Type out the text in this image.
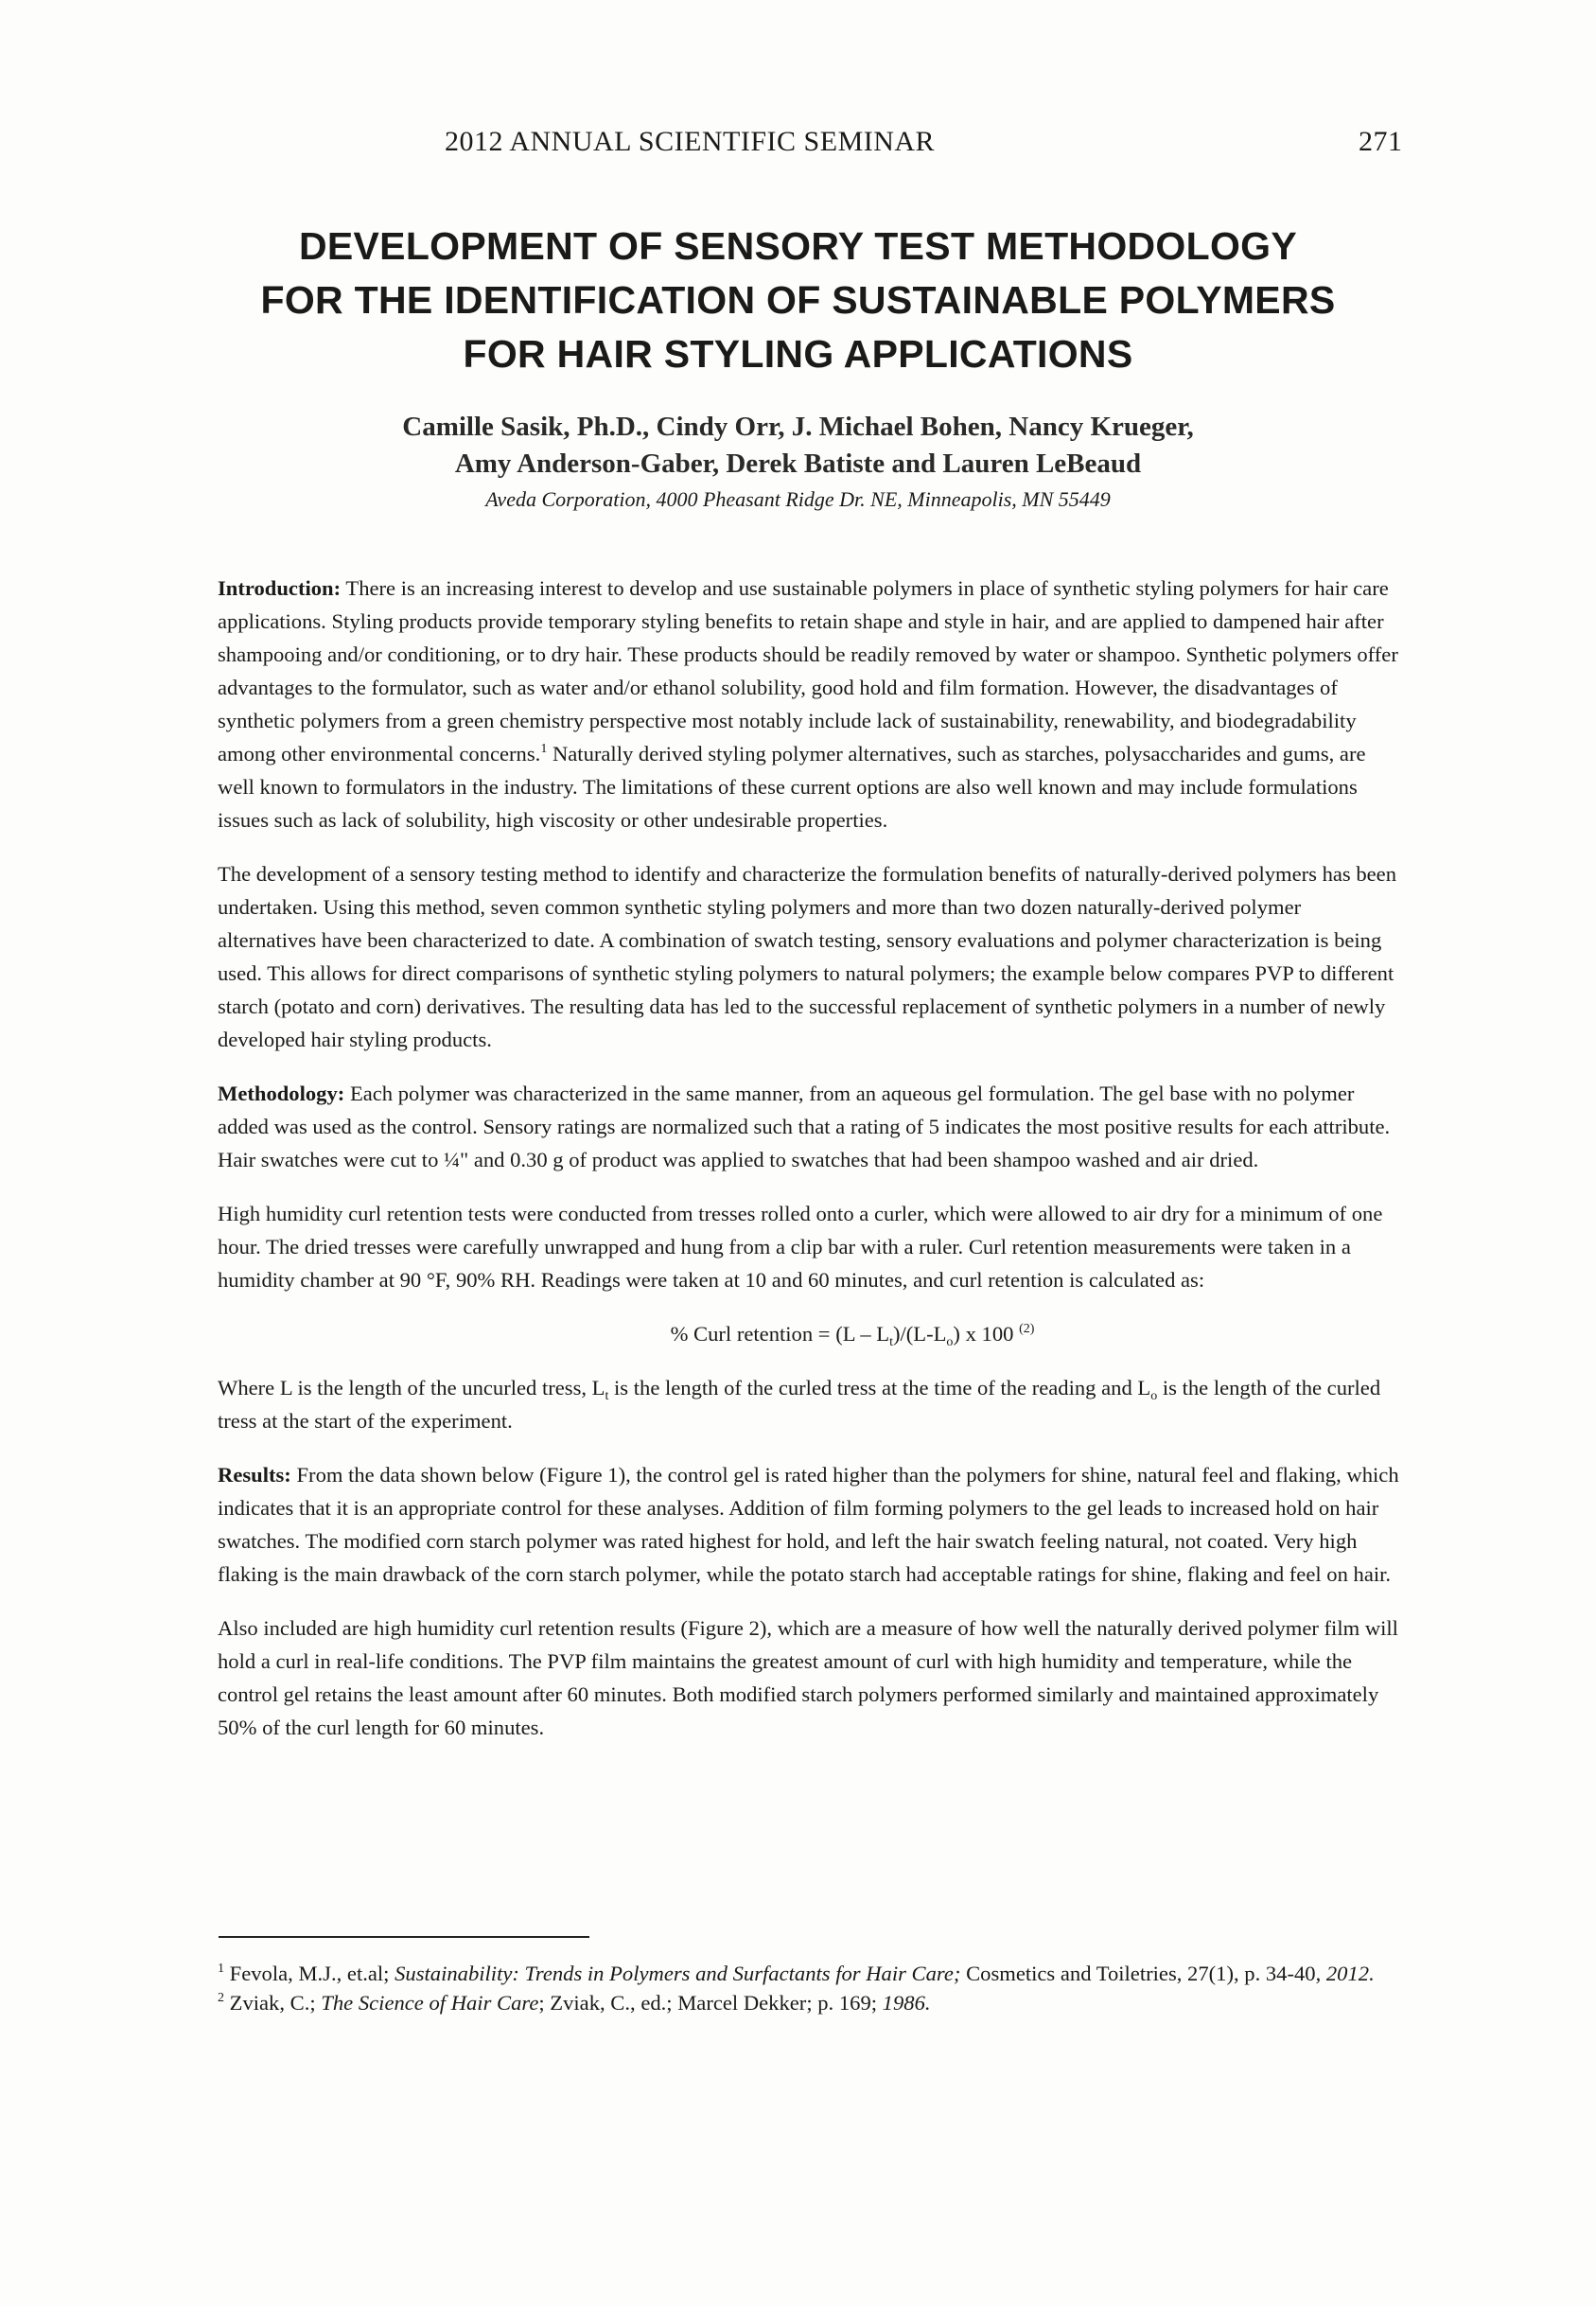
2012 ANNUAL SCIENTIFIC SEMINAR	271
DEVELOPMENT OF SENSORY TEST METHODOLOGY
FOR THE IDENTIFICATION OF SUSTAINABLE POLYMERS
FOR HAIR STYLING APPLICATIONS
Camille Sasik, Ph.D., Cindy Orr, J. Michael Bohen, Nancy Krueger,
Amy Anderson-Gaber, Derek Batiste and Lauren LeBeaud
Aveda Corporation, 4000 Pheasant Ridge Dr. NE, Minneapolis, MN 55449

Introduction: There is an increasing interest to develop and use sustainable polymers in place of synthetic styling polymers for hair care applications. Styling products provide temporary styling benefits to retain shape and style in hair, and are applied to dampened hair after shampooing and/or conditioning, or to dry hair. These products should be readily removed by water or shampoo. Synthetic polymers offer advantages to the formulator, such as water and/or ethanol solubility, good hold and film formation. However, the disadvantages of synthetic polymers from a green chemistry perspective most notably include lack of sustainability, renewability, and biodegradability among other environmental concerns.$^1$ Naturally derived styling polymer alternatives, such as starches, polysaccharides and gums, are well known to formulators in the industry. The limitations of these current options are also well known and may include formulations issues such as lack of solubility, high viscosity or other undesirable properties.

The development of a sensory testing method to identify and characterize the formulation benefits of naturally-derived polymers has been undertaken. Using this method, seven common synthetic styling polymers and more than two dozen naturally-derived polymer alternatives have been characterized to date. A combination of swatch testing, sensory evaluations and polymer characterization is being used. This allows for direct comparisons of synthetic styling polymers to natural polymers; the example below compares PVP to different starch (potato and corn) derivatives. The resulting data has led to the successful replacement of synthetic polymers in a number of newly developed hair styling products.

Methodology: Each polymer was characterized in the same manner, from an aqueous gel formulation. The gel base with no polymer added was used as the control. Sensory ratings are normalized such that a rating of 5 indicates the most positive results for each attribute. Hair swatches were cut to ¼" and 0.30 g of product was applied to swatches that had been shampoo washed and air dried.

High humidity curl retention tests were conducted from tresses rolled onto a curler, which were allowed to air dry for a minimum of one hour. The dried tresses were carefully unwrapped and hung from a clip bar with a ruler. Curl retention measurements were taken in a humidity chamber at 90 °F, 90% RH. Readings were taken at 10 and 60 minutes, and curl retention is calculated as:

% Curl retention = $(L - L_t)/(L-L_o)$ x 100 $^{(2)}$

Where L is the length of the uncurled tress, $L_t$ is the length of the curled tress at the time of the reading and $L_o$ is the length of the curled tress at the start of the experiment.

Results: From the data shown below (Figure 1), the control gel is rated higher than the polymers for shine, natural feel and flaking, which indicates that it is an appropriate control for these analyses. Addition of film forming polymers to the gel leads to increased hold on hair swatches. The modified corn starch polymer was rated highest for hold, and left the hair swatch feeling natural, not coated. Very high flaking is the main drawback of the corn starch polymer, while the potato starch had acceptable ratings for shine, flaking and feel on hair.

Also included are high humidity curl retention results (Figure 2), which are a measure of how well the naturally derived polymer film will hold a curl in real-life conditions. The PVP film maintains the greatest amount of curl with high humidity and temperature, while the control gel retains the least amount after 60 minutes. Both modified starch polymers performed similarly and maintained approximately 50% of the curl length for 60 minutes.

$^1$ Fevola, M.J., et.al; Sustainability: Trends in Polymers and Surfactants for Hair Care; Cosmetics and Toiletries, 27(1), p. 34-40, 2012.

$^2$ Zviak, C.; The Science of Hair Care; Zviak, C., ed.; Marcel Dekker; p. 169; 1986.
